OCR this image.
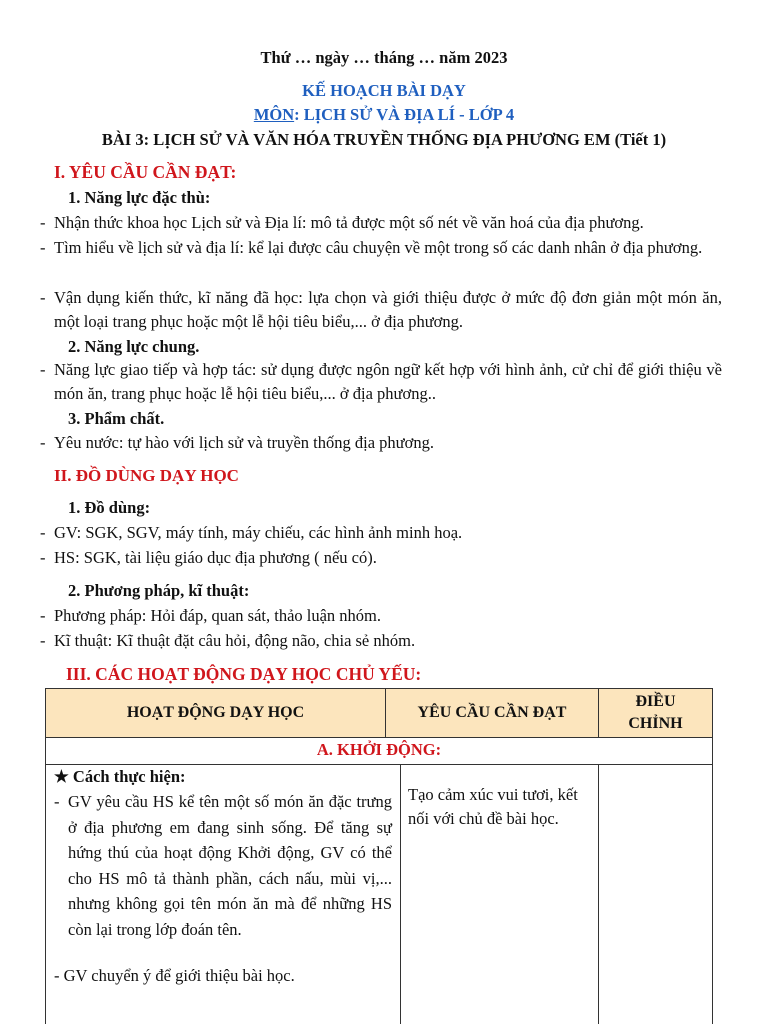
Thứ … ngày … tháng … năm 2023
KẾ HOẠCH BÀI DẠY
MÔN: LỊCH SỬ VÀ ĐỊA LÍ - LỚP 4
BÀI 3: LỊCH SỬ VÀ VĂN HÓA TRUYỀN THỐNG ĐỊA PHƯƠNG EM (Tiết 1)
I. YÊU CẦU CẦN ĐẠT:
1. Năng lực đặc thù:
- Nhận thức khoa học Lịch sử và Địa lí: mô tả được một số nét về văn hoá của địa phương.
- Tìm hiểu về lịch sử và địa lí: kể lại được câu chuyện về một trong số các danh nhân ở địa phương.
- Vận dụng kiến thức, kĩ năng đã học: lựa chọn và giới thiệu được ở mức độ đơn giản một món ăn, một loại trang phục hoặc một lễ hội tiêu biểu,... ở địa phương.
2. Năng lực chung.
- Năng lực giao tiếp và hợp tác: sử dụng được ngôn ngữ kết hợp với hình ảnh, cử chỉ để giới thiệu về món ăn, trang phục hoặc lễ hội tiêu biểu,... ở địa phương..
3. Phẩm chất.
- Yêu nước: tự hào với lịch sử và truyền thống địa phương.
II. ĐỒ DÙNG DẠY HỌC
1. Đồ dùng:
- GV: SGK, SGV, máy tính, máy chiếu, các hình ảnh minh hoạ.
- HS: SGK, tài liệu giáo dục địa phương ( nếu có).
2. Phương pháp, kĩ thuật:
- Phương pháp: Hỏi đáp, quan sát, thảo luận nhóm.
- Kĩ thuật: Kĩ thuật đặt câu hỏi, động não, chia sẻ nhóm.
III. CÁC HOẠT ĐỘNG DẠY HỌC CHỦ YẾU:
HOẠT ĐỘNG DẠY HỌC	YÊU CẦU CẦN ĐẠT
ĐIỀU
CHỈNH
A. KHỞI ĐỘNG:
★ Cách thực hiện:
- GV yêu cầu HS kể tên một số món ăn đặc trưng ở địa phương em đang sinh sống. Để tăng sự hứng thú của hoạt động Khởi động, GV có thể cho HS mô tả thành phần, cách nấu, mùi vị,... nhưng không gọi tên món ăn mà để những HS còn lại trong lớp đoán tên.
- GV chuyển ý để giới thiệu bài học.
Tạo cảm xúc vui tươi, kết nối với chủ đề bài học.
